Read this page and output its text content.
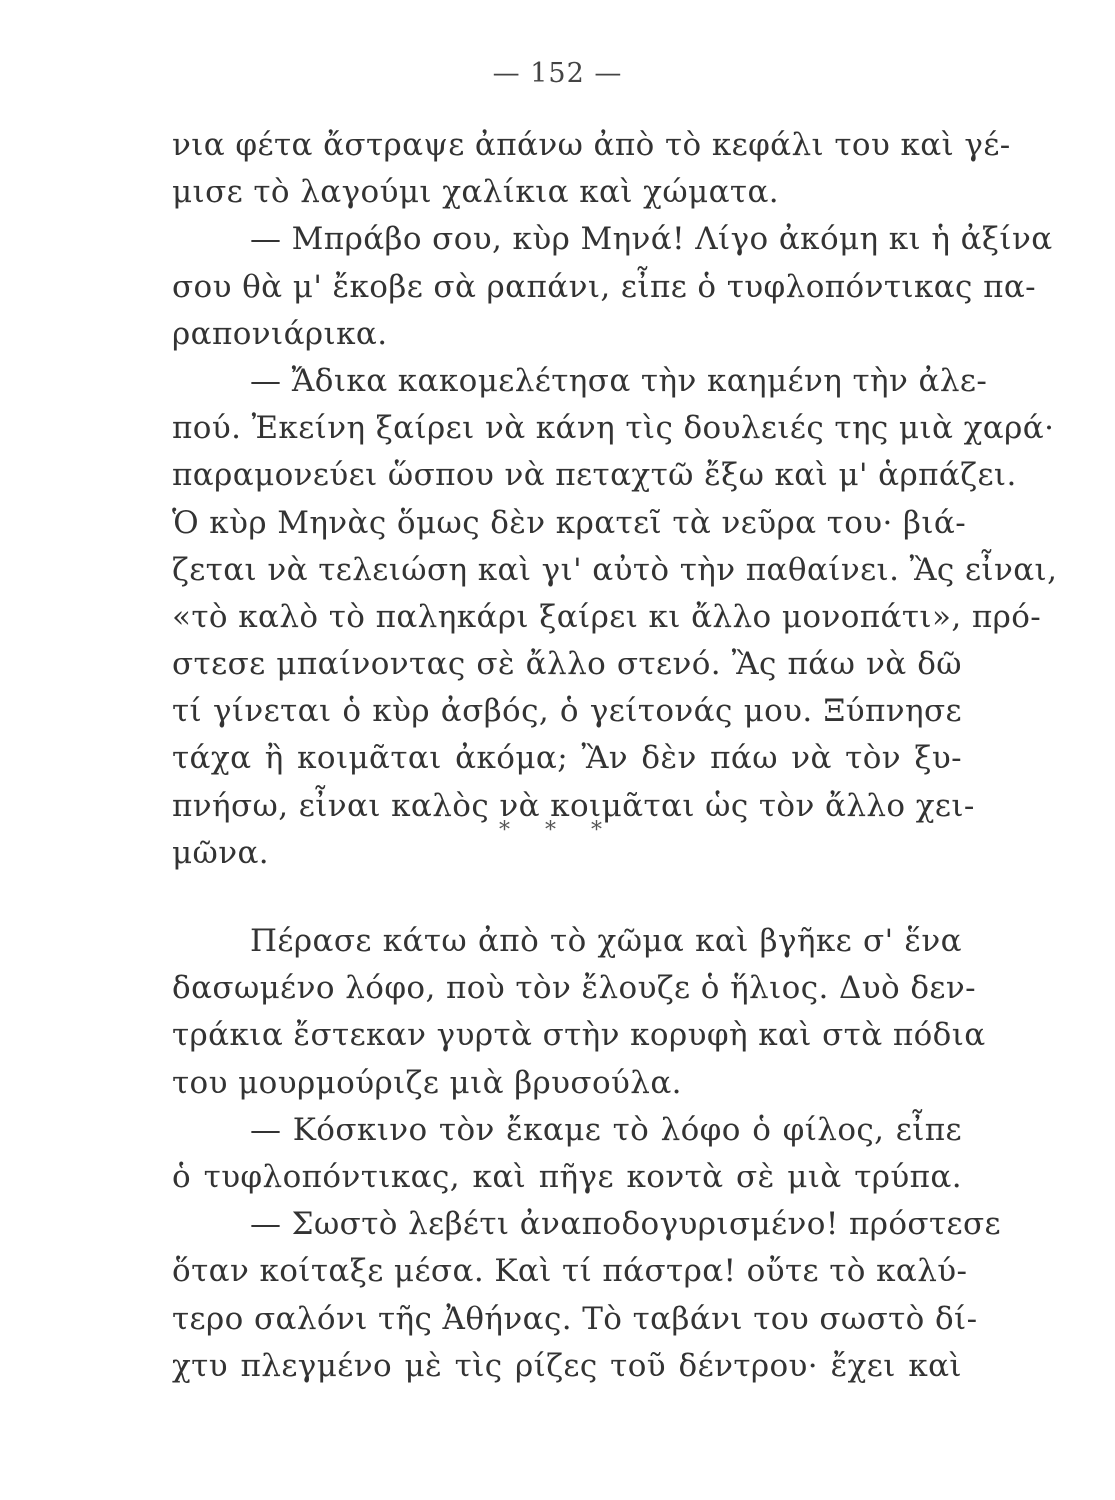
— 152 —
νια φέτα ἄστραψε ἀπάνω ἀπὸ τὸ κεφάλι του καὶ γέ-
μισε τὸ λαγούμι χαλίκια καὶ χώματα.
— Μπράβο σου, κὺρ Μηνά! Λίγο ἀκόμη κι ἡ ἀξίνα
σου θὰ μ' ἔκοβε σὰ ραπάνι, εἶπε ὁ τυφλοπόντικας πα-
ραπονιάρικα.
— Ἄδικα κακομελέτησα τὴν καημένη τὴν ἀλε-
πού. Ἐκείνη ξαίρει νὰ κάνη τὶς δουλειές της μιὰ χαρά·
παραμονεύει ὥσπου νὰ πεταχτῶ ἔξω καὶ μ' ἁρπάζει.
Ὁ κὺρ Μηνὰς ὅμως δὲν κρατεῖ τὰ νεῦρα του· βιά-
ζεται νὰ τελειώση καὶ γι' αὐτὸ τὴν παθαίνει. Ἂς εἶναι,
«τὸ καλὸ τὸ παληκάρι ξαίρει κι ἄλλο μονοπάτι», πρό-
στεσε μπαίνοντας σὲ ἄλλο στενό. Ἂς πάω νὰ δῶ
τί γίνεται ὁ κὺρ ἀσβός, ὁ γείτονάς μου. Ξύπνησε
τάχα ἢ κοιμᾶται ἀκόμα; Ἂν δὲν πάω νὰ τὸν ξυ-
πνήσω, εἶναι καλὸς νὰ κοιμᾶται ὡς τὸν ἄλλο χει-
μῶνα.
* * *
Πέρασε κάτω ἀπὸ τὸ χῶμα καὶ βγῆκε σ' ἕνα
δασωμένο λόφο, ποὺ τὸν ἔλουζε ὁ ἥλιος. Δυὸ δεν-
τράκια ἔστεκαν γυρτὰ στὴν κορυφὴ καὶ στὰ πόδια
του μουρμούριζε μιὰ βρυσούλα.
— Κόσκινο τὸν ἔκαμε τὸ λόφο ὁ φίλος, εἶπε
ὁ τυφλοπόντικας, καὶ πῆγε κοντὰ σὲ μιὰ τρύπα.
— Σωστὸ λεβέτι ἀναποδογυρισμένο! πρόστεσε
ὅταν κοίταξε μέσα. Καὶ τί πάστρα! οὔτε τὸ καλύ-
τερο σαλόνι τῆς Ἀθήνας. Τὸ ταβάνι του σωστὸ δί-
χτυ πλεγμένο μὲ τὶς ρίζες τοῦ δέντρου· ἔχει καὶ
